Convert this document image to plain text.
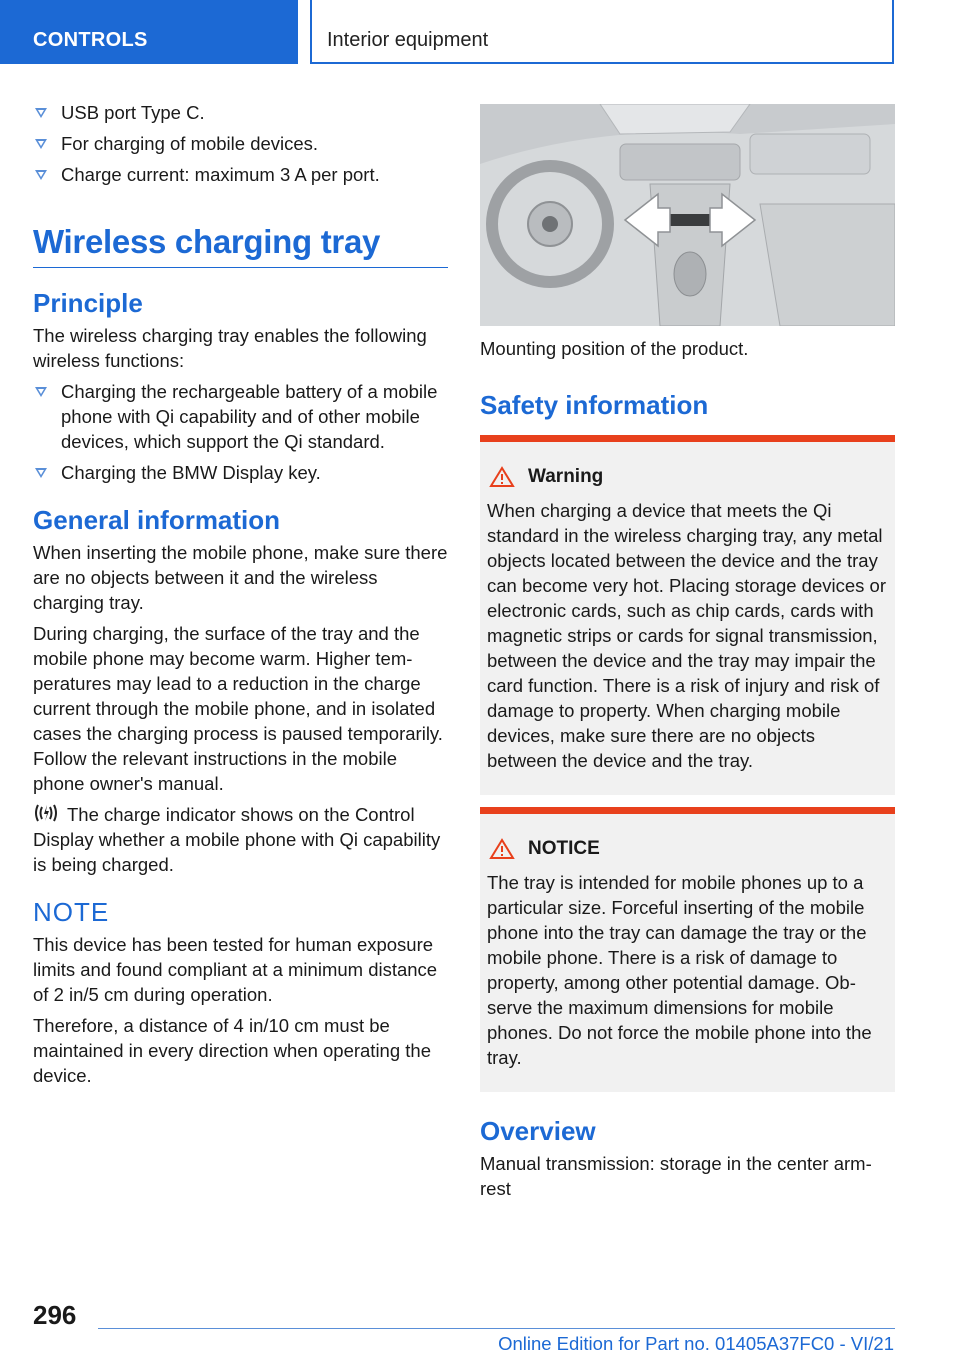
CONTROLS	Interior equipment
USB port Type C.
For charging of mobile devices.
Charge current: maximum 3 A per port.
Wireless charging tray
Principle

The wireless charging tray enables the following wireless functions:

Charging the rechargeable battery of a mobile phone with Qi capability and of other mobile devices, which support the Qi standard.
Charging the BMW Display key.
General information

When inserting the mobile phone, make sure there are no objects between it and the wireless charging tray.

During charging, the surface of the tray and the mobile phone may become warm. Higher temperatures may lead to a reduction in the charge current through the mobile phone, and in isolated cases the charging process is paused temporarily. Follow the relevant instructions in the mobile phone owner's manual.

The charge indicator shows on the Control Display whether a mobile phone with Qi capability is being charged.

NOTE

This device has been tested for human exposure limits and found compliant at a minimum distance of 2 in/5 cm during operation.

Therefore, a distance of 4 in/10 cm must be maintained in every direction when operating the device.

Mounting position of the product.
Safety information
Warning

When charging a device that meets the Qi standard in the wireless charging tray, any metal objects located between the device and the tray can become very hot. Placing storage devices or electronic cards, such as chip cards, cards with magnetic strips or cards for signal transmission, between the device and the tray may impair the card function. There is a risk of injury and risk of damage to property. When charging mobile devices, make sure there are no objects between the device and the tray.

NOTICE

The tray is intended for mobile phones up to a particular size. Forceful inserting of the mobile phone into the tray can damage the tray or the mobile phone. There is a risk of damage to property, among other potential damage. Observe the maximum dimensions for mobile phones. Do not force the mobile phone into the tray.

Overview

Manual transmission: storage in the center armrest

296
Online Edition for Part no. 01405A37FC0 - VI/21
